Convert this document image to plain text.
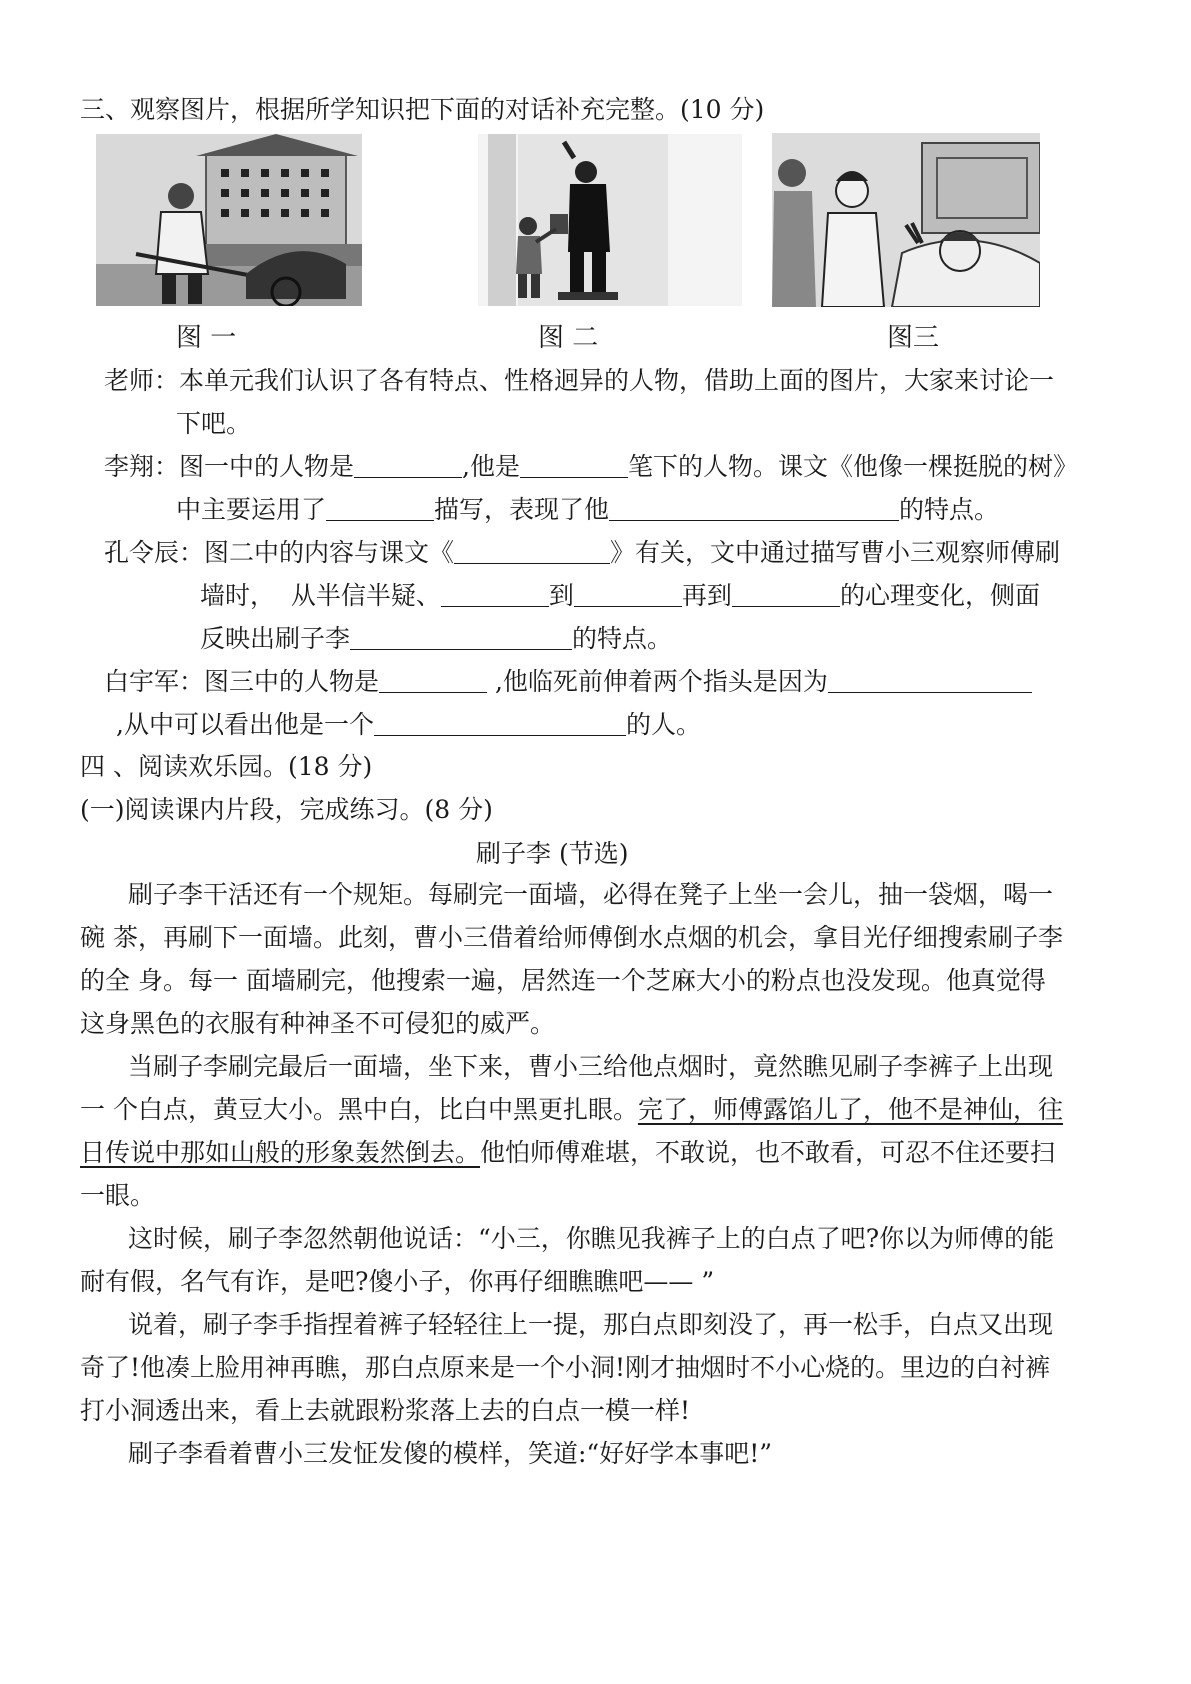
三、观察图片，根据所学知识把下面的对话补充完整。(10 分)
图 一	图 二	图三
老师：本单元我们认识了各有特点、性格迥异的人物，借助上面的图片，大家来讨论一
下吧。
李翔：图一中的人物是	,他是	笔下的人物。课文《他像一棵挺脱的树》
中主要运用了	描写，表现了他	的特点。
孔令辰：图二中的内容与课文《	》有关，文中通过描写曹小三观察师傅刷
墙时，  从半信半疑、	到	再到	的心理变化，侧面
反映出刷子李	的特点。
白宇军：图三中的人物是	,他临死前伸着两个指头是因为
,从中可以看出他是一个	的人。
四 、阅读欢乐园。(18 分)
(一)阅读课内片段，完成练习。(8 分)
刷子李 (节选)
刷子李干活还有一个规矩。每刷完一面墙，必得在凳子上坐一会儿，抽一袋烟，喝一
碗 茶，再刷下一面墙。此刻，曹小三借着给师傅倒水点烟的机会，拿目光仔细搜索刷子李
的全 身。每一 面墙刷完，他搜索一遍，居然连一个芝麻大小的粉点也没发现。他真觉得
这身黑色的衣服有种神圣不可侵犯的威严。
当刷子李刷完最后一面墙，坐下来，曹小三给他点烟时，竟然瞧见刷子李裤子上出现
一 个白点，黄豆大小。黑中白，比白中黑更扎眼。完了，师傅露馅儿了，他不是神仙，往
日传说中那如山般的形象轰然倒去。他怕师傅难堪，不敢说，也不敢看，可忍不住还要扫
一眼。
这时候，刷子李忽然朝他说话：“小三，你瞧见我裤子上的白点了吧?你以为师傅的能
耐有假，名气有诈，是吧?傻小子，你再仔细瞧瞧吧—— ”
说着，刷子李手指捏着裤子轻轻往上一提，那白点即刻没了，再一松手，白点又出现
奇了!他凑上脸用神再瞧，那白点原来是一个小洞!刚才抽烟时不小心烧的。里边的白衬裤
打小洞透出来，看上去就跟粉浆落上去的白点一模一样!
刷子李看着曹小三发怔发傻的模样，笑道:“好好学本事吧!”
